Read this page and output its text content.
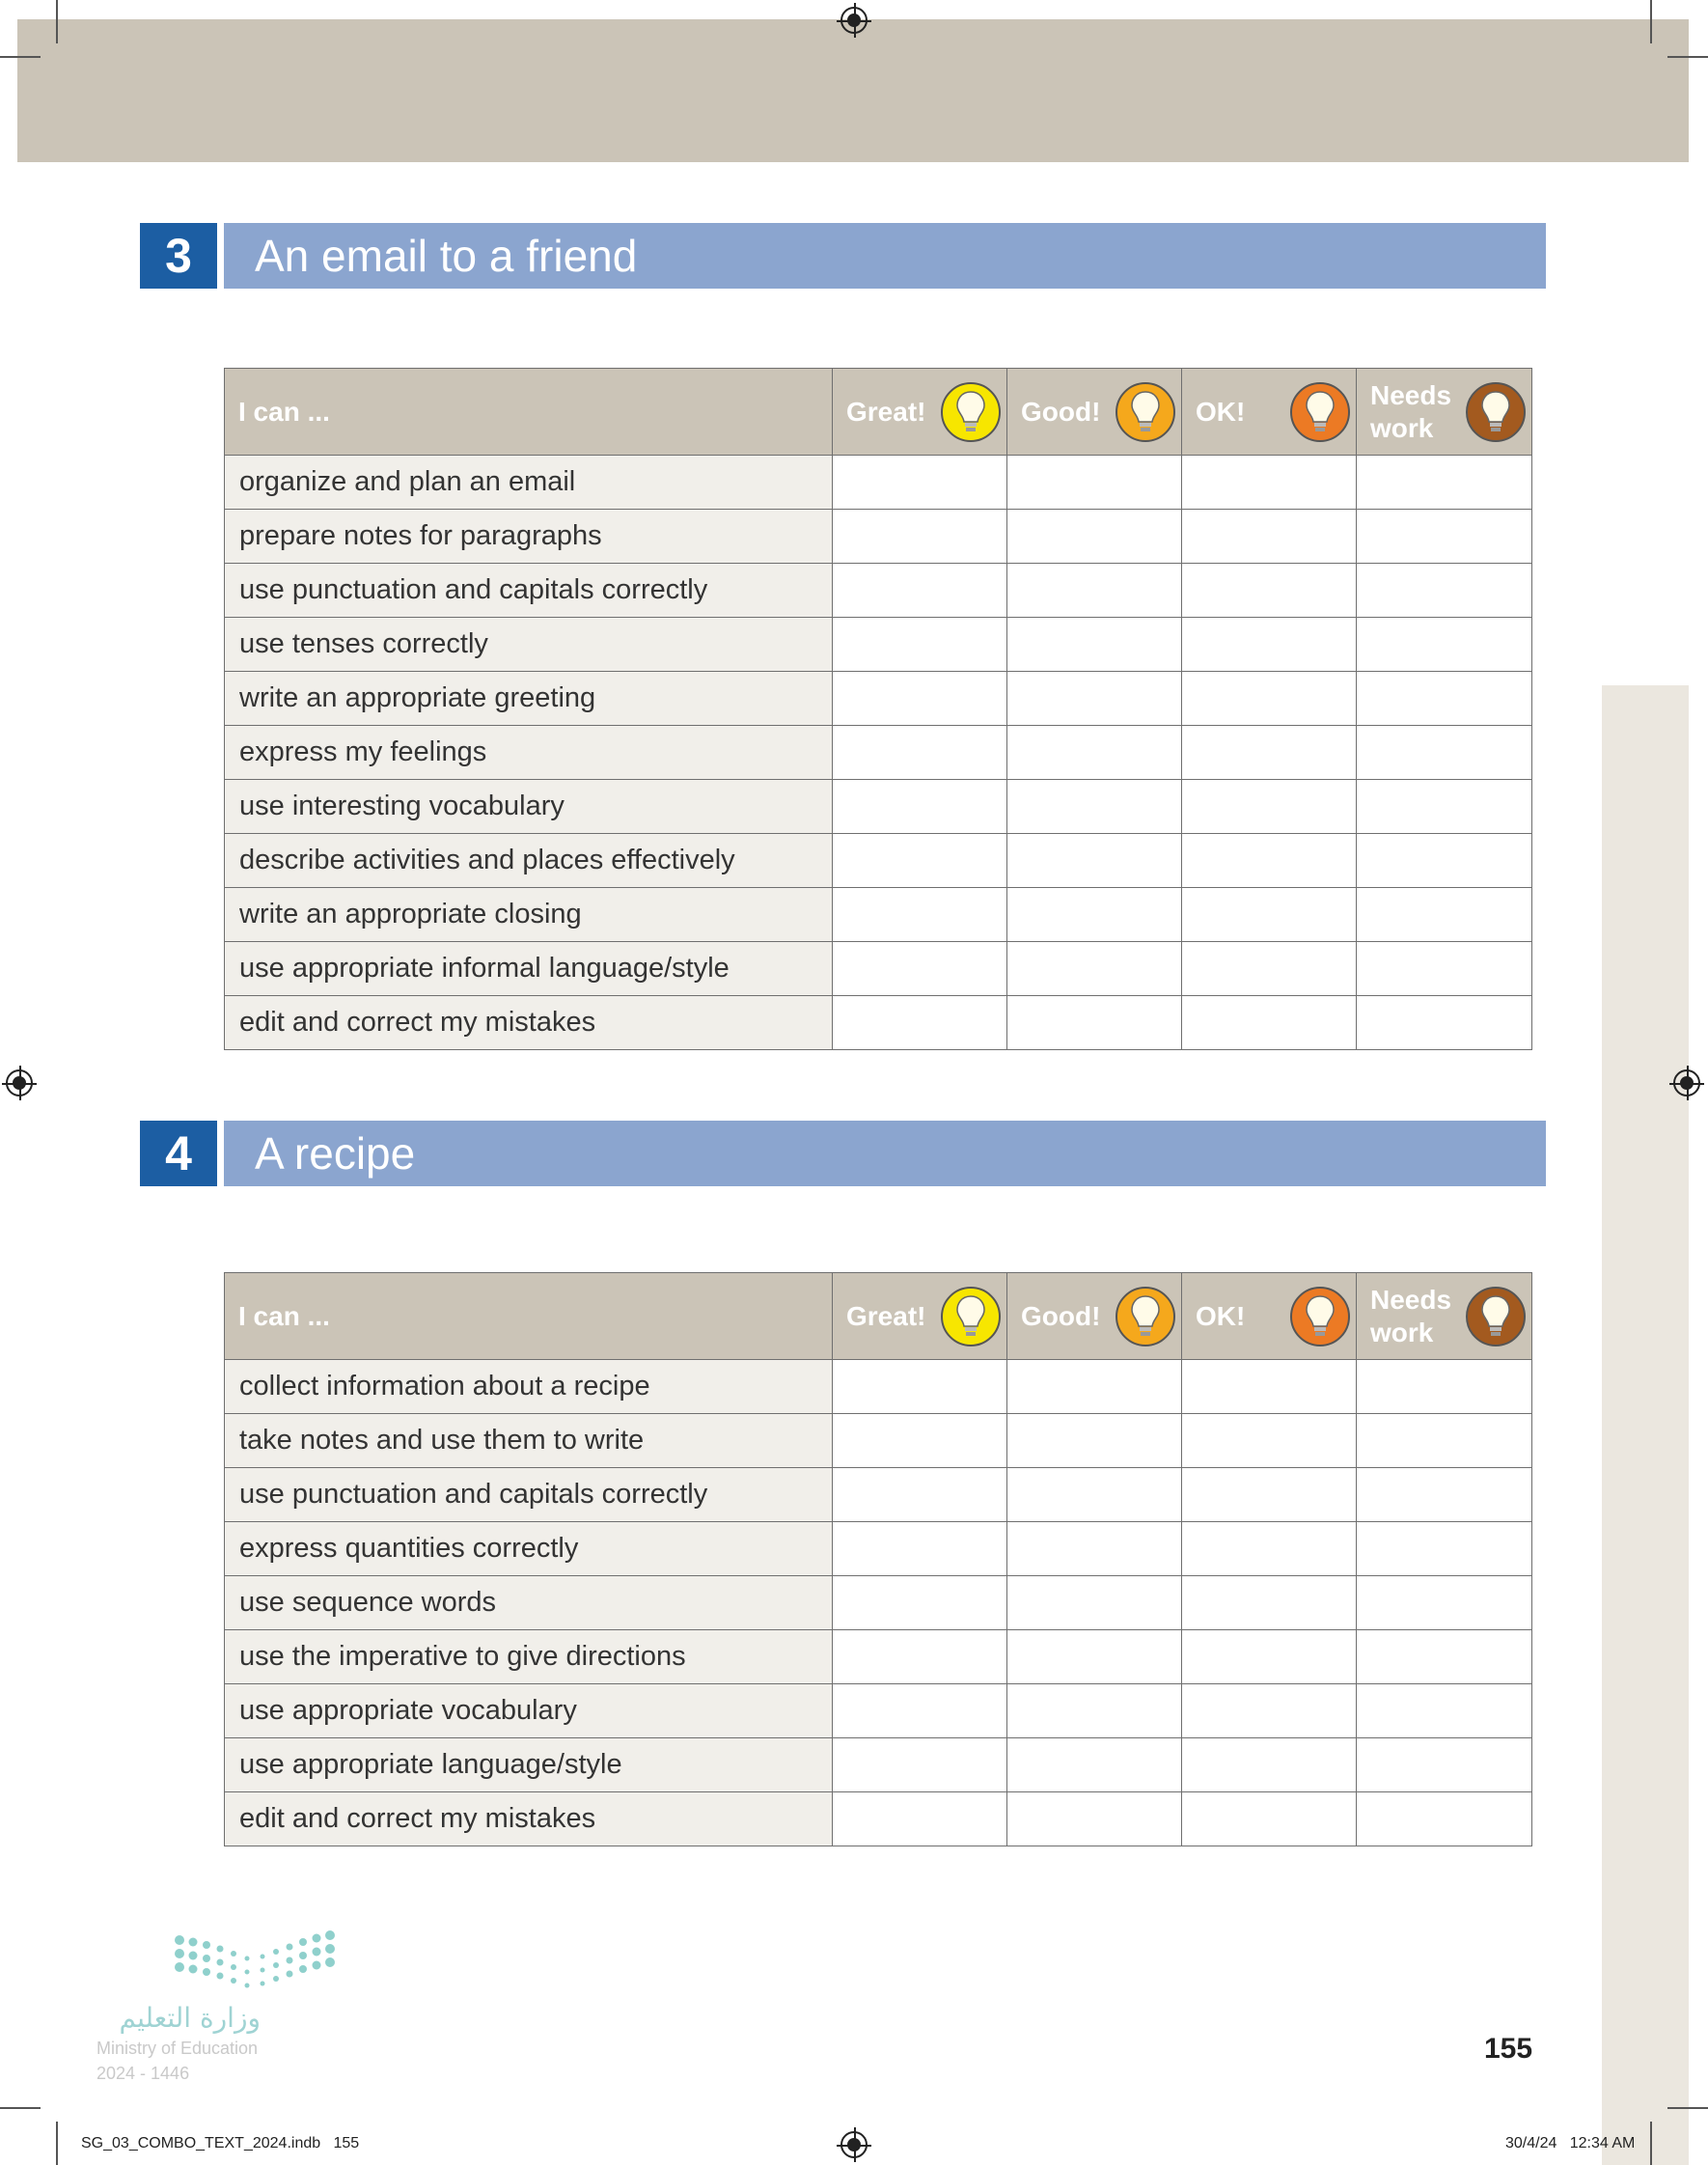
3	An email to a friend
I can ...	Great!	Good!	OK!	Needs work

organize and plan an email				
prepare notes for paragraphs				
use punctuation and capitals correctly				
use tenses correctly				
write an appropriate greeting				
express my feelings				
use interesting vocabulary				
describe activities and places effectively				
write an appropriate closing				
use appropriate informal language/style				
edit and correct my mistakes				
4	A recipe
I can ...	Great!	Good!	OK!	Needs work

collect information about a recipe				
take notes and use them to write				
use punctuation and capitals correctly				
express quantities correctly				
use sequence words				
use the imperative to give directions				
use appropriate vocabulary				
use appropriate language/style				
edit and correct my mistakes				
وزارة التعليم
Ministry of Education
2024 - 1446
155
SG_03_COMBO_TEXT_2024.indb   155	30/4/24   12:34 AM
